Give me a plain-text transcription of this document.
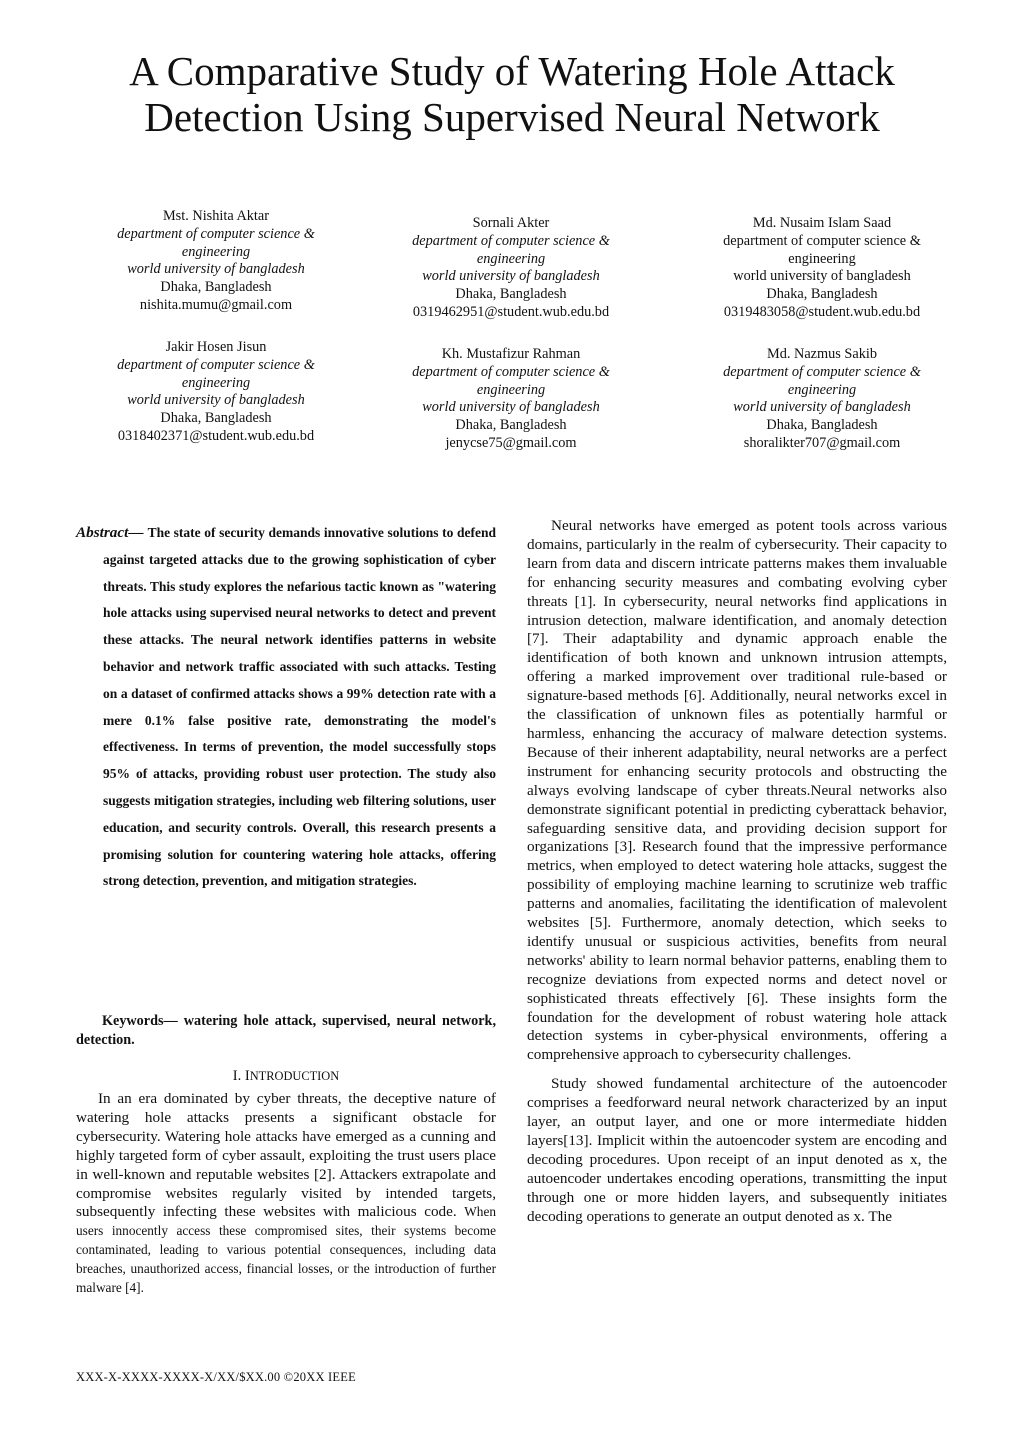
A Comparative Study of Watering Hole Attack
Detection Using Supervised Neural Network
Mst. Nishita Aktar
department of computer science &
engineering
world university of bangladesh
Dhaka, Bangladesh
nishita.mumu@gmail.com
Sornali Akter
department of computer science &
engineering
world university of bangladesh
Dhaka, Bangladesh
0319462951@student.wub.edu.bd
Md. Nusaim Islam Saad
department of computer science &
engineering
world university of bangladesh
Dhaka, Bangladesh
0319483058@student.wub.edu.bd
Jakir Hosen Jisun
department of computer science &
engineering
world university of bangladesh
Dhaka, Bangladesh
0318402371@student.wub.edu.bd
Kh. Mustafizur Rahman
department of computer science &
engineering
world university of bangladesh
Dhaka, Bangladesh
jenycse75@gmail.com
Md. Nazmus Sakib
department of computer science &
engineering
world university of bangladesh
Dhaka, Bangladesh
shoralikter707@gmail.com

Abstract— The state of security demands innovative solutions to defend against targeted attacks due to the growing sophistication of cyber threats. This study explores the nefarious tactic known as "watering hole attacks using supervised neural networks to detect and prevent these attacks. The neural network identifies patterns in website behavior and network traffic associated with such attacks. Testing on a dataset of confirmed attacks shows a 99% detection rate with a mere 0.1% false positive rate, demonstrating the model's effectiveness. In terms of prevention, the model successfully stops 95% of attacks, providing robust user protection. The study also suggests mitigation strategies, including web filtering solutions, user education, and security controls. Overall, this research presents a promising solution for countering watering hole attacks, offering strong detection, prevention, and mitigation strategies.

Keywords— watering hole attack, supervised, neural network, detection.

I. INTRODUCTION

In an era dominated by cyber threats, the deceptive nature of watering hole attacks presents a significant obstacle for cybersecurity. Watering hole attacks have emerged as a cunning and highly targeted form of cyber assault, exploiting the trust users place in well-known and reputable websites [2]. Attackers extrapolate and compromise websites regularly visited by intended targets, subsequently infecting these websites with malicious code. When users innocently access these compromised sites, their systems become contaminated, leading to various potential consequences, including data breaches, unauthorized access, financial losses, or the introduction of further malware [4].

Neural networks have emerged as potent tools across various domains, particularly in the realm of cybersecurity. Their capacity to learn from data and discern intricate patterns makes them invaluable for enhancing security measures and combating evolving cyber threats [1]. In cybersecurity, neural networks find applications in intrusion detection, malware identification, and anomaly detection [7]. Their adaptability and dynamic approach enable the identification of both known and unknown intrusion attempts, offering a marked improvement over traditional rule-based or signature-based methods [6]. Additionally, neural networks excel in the classification of unknown files as potentially harmful or harmless, enhancing the accuracy of malware detection systems. Because of their inherent adaptability, neural networks are a perfect instrument for enhancing security protocols and obstructing the always evolving landscape of cyber threats.Neural networks also demonstrate significant potential in predicting cyberattack behavior, safeguarding sensitive data, and providing decision support for organizations [3]. Research found that the impressive performance metrics, when employed to detect watering hole attacks, suggest the possibility of employing machine learning to scrutinize web traffic patterns and anomalies, facilitating the identification of malevolent websites [5]. Furthermore, anomaly detection, which seeks to identify unusual or suspicious activities, benefits from neural networks' ability to learn normal behavior patterns, enabling them to recognize deviations from expected norms and detect novel or sophisticated threats effectively [6]. These insights form the foundation for the development of robust watering hole attack detection systems in cyber-physical environments, offering a comprehensive approach to cybersecurity challenges.

Study showed fundamental architecture of the autoencoder comprises a feedforward neural network characterized by an input layer, an output layer, and one or more intermediate hidden layers[13]. Implicit within the autoencoder system are encoding and decoding procedures. Upon receipt of an input denoted as x, the autoencoder undertakes encoding operations, transmitting the input through one or more hidden layers, and subsequently initiates decoding operations to generate an output denoted as x. The

XXX-X-XXXX-XXXX-X/XX/$XX.00 ©20XX IEEE
